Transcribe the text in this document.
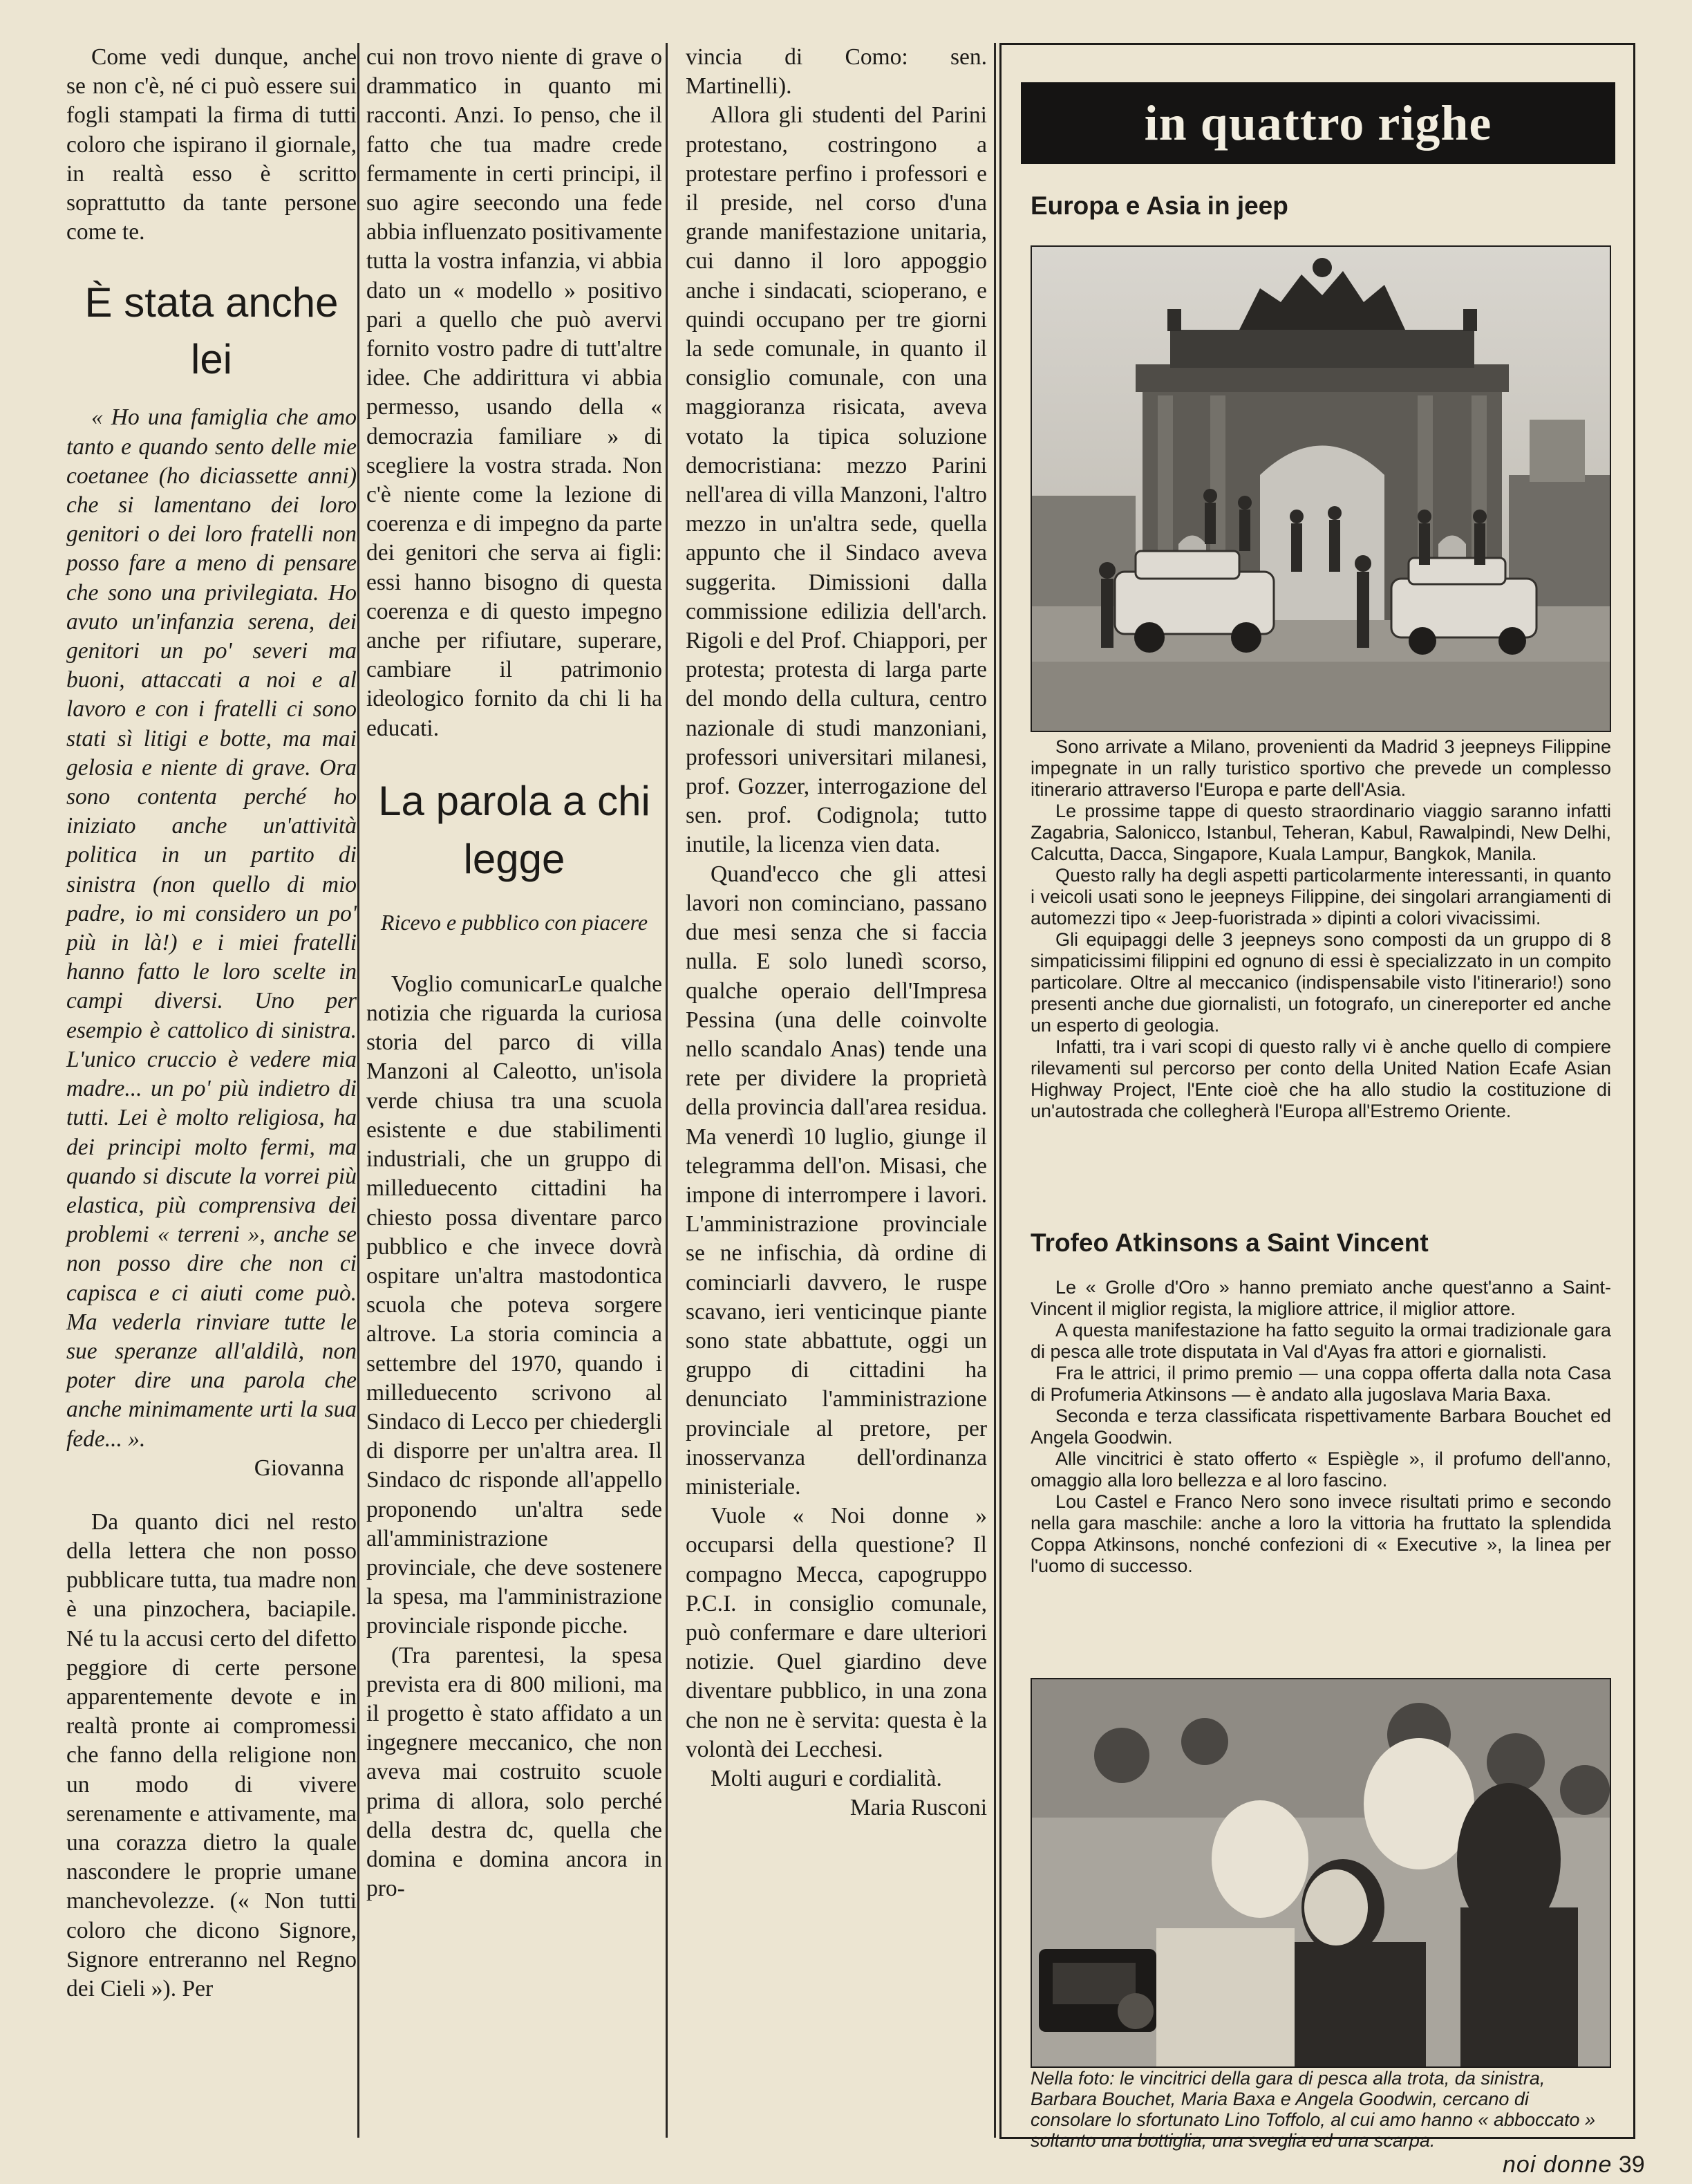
Come vedi dunque, anche se non c'è, né ci può essere sui fogli stampati la firma di tutti coloro che ispirano il giornale, in realtà esso è scritto soprattutto da tante persone come te.

È stata anche lei

« Ho una famiglia che amo tanto e quando sento delle mie coetanee (ho diciassette anni) che si lamentano dei loro genitori o dei loro fratelli non posso fare a meno di pensare che sono una privilegiata. Ho avuto un'infanzia serena, dei genitori un po' severi ma buoni, attaccati a noi e al lavoro e con i fratelli ci sono stati sì litigi e botte, ma mai gelosia e niente di grave. Ora sono contenta perché ho iniziato anche un'attività politica in un partito di sinistra (non quello di mio padre, io mi considero un po' più in là!) e i miei fratelli hanno fatto le loro scelte in campi diversi. Uno per esempio è cattolico di sinistra. L'unico cruccio è vedere mia madre... un po' più indietro di tutti. Lei è molto religiosa, ha dei principi molto fermi, ma quando si discute la vorrei più elastica, più comprensiva dei problemi « terreni », anche se non posso dire che non ci capisca e ci aiuti come può. Ma vederla rinviare tutte le sue speranze all'aldilà, non poter dire una parola che anche minimamente urti la sua fede... ».

Giovanna

Da quanto dici nel resto della lettera che non posso pubblicare tutta, tua madre non è una pinzochera, baciapile. Né tu la accusi certo del difetto peggiore di certe persone apparentemente devote e in realtà pronte ai compromessi che fanno della religione non un modo di vivere serenamente e attivamente, ma una corazza dietro la quale nascondere le proprie umane manchevolezze. (« Non tutti coloro che dicono Signore, Signore entreranno nel Regno dei Cieli »). Per

cui non trovo niente di grave o drammatico in quanto mi racconti. Anzi. Io penso, che il fatto che tua madre crede fermamente in certi principi, il suo agire seecondo una fede abbia influenzato positivamente tutta la vostra infanzia, vi abbia dato un « modello » positivo pari a quello che può avervi fornito vostro padre di tutt'altre idee. Che addirittura vi abbia permesso, usando della « democrazia familiare » di scegliere la vostra strada. Non c'è niente come la lezione di coerenza e di impegno da parte dei genitori che serva ai figli: essi hanno bisogno di questa coerenza e di questo impegno anche per rifiutare, superare, cambiare il patrimonio ideologico fornito da chi li ha educati.

La parola a chi legge

Ricevo e pubblico con piacere

Voglio comunicarLe qualche notizia che riguarda la curiosa storia del parco di villa Manzoni al Caleotto, un'isola verde chiusa tra una scuola esistente e due stabilimenti industriali, che un gruppo di milleduecento cittadini ha chiesto possa diventare parco pubblico e che invece dovrà ospitare un'altra mastodontica scuola che poteva sorgere altrove. La storia comincia a settembre del 1970, quando i milleduecento scrivono al Sindaco di Lecco per chiedergli di disporre per un'altra area. Il Sindaco dc risponde all'appello proponendo un'altra sede all'amministrazione provinciale, che deve sostenere la spesa, ma l'amministrazione provinciale risponde picche.

(Tra parentesi, la spesa prevista era di 800 milioni, ma il progetto è stato affidato a un ingegnere meccanico, che non aveva mai costruito scuole prima di allora, solo perché della destra dc, quella che domina e domina ancora in pro-

vincia di Como: sen. Martinelli).

Allora gli studenti del Parini protestano, costringono a protestare perfino i professori e il preside, nel corso d'una grande manifestazione unitaria, cui danno il loro appoggio anche i sindacati, scioperano, e quindi occupano per tre giorni la sede comunale, in quanto il consiglio comunale, con una maggioranza risicata, aveva votato la tipica soluzione democristiana: mezzo Parini nell'area di villa Manzoni, l'altro mezzo in un'altra sede, quella appunto che il Sindaco aveva suggerita. Dimissioni dalla commissione edilizia dell'arch. Rigoli e del Prof. Chiappori, per protesta; protesta di larga parte del mondo della cultura, centro nazionale di studi manzoniani, professori universitari milanesi, prof. Gozzer, interrogazione del sen. prof. Codignola; tutto inutile, la licenza vien data.

Quand'ecco che gli attesi lavori non cominciano, passano due mesi senza che si faccia nulla. E solo lunedì scorso, qualche operaio dell'Impresa Pessina (una delle coinvolte nello scandalo Anas) tende una rete per dividere la proprietà della provincia dall'area residua. Ma venerdì 10 luglio, giunge il telegramma dell'on. Misasi, che impone di interrompere i lavori. L'amministrazione provinciale se ne infischia, dà ordine di cominciarli davvero, le ruspe scavano, ieri venticinque piante sono state abbattute, oggi un gruppo di cittadini ha denunciato l'amministrazione provinciale al pretore, per inosservanza dell'ordinanza ministeriale.

Vuole « Noi donne » occuparsi della questione? Il compagno Mecca, capogruppo P.C.I. in consiglio comunale, può confermare e dare ulteriori notizie. Quel giardino deve diventare pubblico, in una zona che non ne è servita: questa è la volontà dei Lecchesi.

Molti auguri e cordialità.

Maria Rusconi

in quattro righe
Europa e Asia in jeep
Sono arrivate a Milano, provenienti da Madrid 3 jeepneys Filippine impegnate in un rally turistico sportivo che prevede un complesso itinerario attraverso l'Europa e parte dell'Asia.
Le prossime tappe di questo straordinario viaggio saranno infatti Zagabria, Salonicco, Istanbul, Teheran, Kabul, Rawalpindi, New Delhi, Calcutta, Dacca, Singapore, Kuala Lampur, Bangkok, Manila.
Questo rally ha degli aspetti particolarmente interessanti, in quanto i veicoli usati sono le jeepneys Filippine, dei singolari arrangiamenti di automezzi tipo « Jeep-fuoristrada » dipinti a colori vivacissimi.
Gli equipaggi delle 3 jeepneys sono composti da un gruppo di 8 simpaticissimi filippini ed ognuno di essi è specializzato in un compito particolare. Oltre al meccanico (indispensabile visto l'itinerario!) sono presenti anche due giornalisti, un fotografo, un cinereporter ed anche un esperto di geologia.
Infatti, tra i vari scopi di questo rally vi è anche quello di compiere rilevamenti sul percorso per conto della United Nation Ecafe Asian Highway Project, l'Ente cioè che ha allo studio la costituzione di un'autostrada che collegherà l'Europa all'Estremo Oriente.
Trofeo Atkinsons a Saint Vincent
Le « Grolle d'Oro » hanno premiato anche quest'anno a Saint-Vincent il miglior regista, la migliore attrice, il miglior attore.
A questa manifestazione ha fatto seguito la ormai tradizionale gara di pesca alle trote disputata in Val d'Ayas fra attori e giornalisti.
Fra le attrici, il primo premio — una coppa offerta dalla nota Casa di Profumeria Atkinsons — è andato alla jugoslava Maria Baxa.
Seconda e terza classificata rispettivamente Barbara Bouchet ed Angela Goodwin.
Alle vincitrici è stato offerto « Espiègle », il profumo dell'anno, omaggio alla loro bellezza e al loro fascino.
Lou Castel e Franco Nero sono invece risultati primo e secondo nella gara maschile: anche a loro la vittoria ha fruttato la splendida Coppa Atkinsons, nonché confezioni di « Executive », la linea per l'uomo di successo.
Nella foto: le vincitrici della gara di pesca alla trota, da sinistra, Barbara Bouchet, Maria Baxa e Angela Goodwin, cercano di consolare lo sfortunato Lino Toffolo, al cui amo hanno « abboccato » soltanto una bottiglia, una sveglia ed una scarpa.
noi donne 39
